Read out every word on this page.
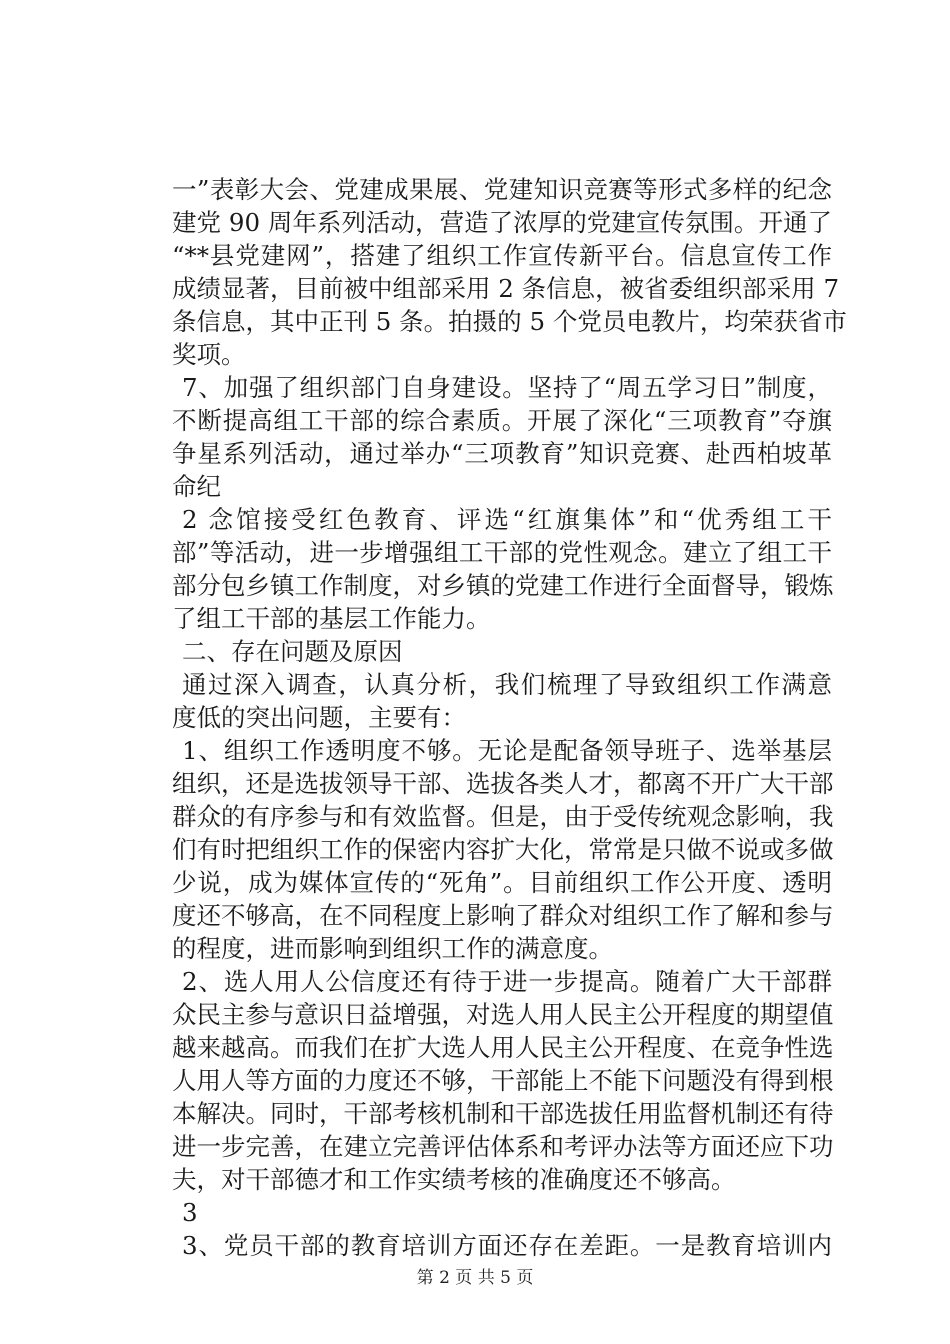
一”表彰大会、党建成果展、党建知识竞赛等形式多样的纪念
建党 90 周年系列活动，营造了浓厚的党建宣传氛围。开通了
“**县党建网”，搭建了组织工作宣传新平台。信息宣传工作
成绩显著，目前被中组部采用 2 条信息，被省委组织部采用 7
条信息，其中正刊 5 条。拍摄的 5 个党员电教片，均荣获省市
奖项。
7、加强了组织部门自身建设。坚持了“周五学习日”制度，
不断提高组工干部的综合素质。开展了深化“三项教育”夺旗
争星系列活动，通过举办“三项教育”知识竞赛、赴西柏坡革
命纪
2 念馆接受红色教育、评选“红旗集体”和“优秀组工干
部”等活动，进一步增强组工干部的党性观念。建立了组工干
部分包乡镇工作制度，对乡镇的党建工作进行全面督导，锻炼
了组工干部的基层工作能力。
二、存在问题及原因
通过深入调查，认真分析，我们梳理了导致组织工作满意
度低的突出问题，主要有：
1、组织工作透明度不够。无论是配备领导班子、选举基层
组织，还是选拔领导干部、选拔各类人才，都离不开广大干部
群众的有序参与和有效监督。但是，由于受传统观念影响，我
们有时把组织工作的保密内容扩大化，常常是只做不说或多做
少说，成为媒体宣传的“死角”。目前组织工作公开度、透明
度还不够高，在不同程度上影响了群众对组织工作了解和参与
的程度，进而影响到组织工作的满意度。
2、选人用人公信度还有待于进一步提高。随着广大干部群
众民主参与意识日益增强，对选人用人民主公开程度的期望值
越来越高。而我们在扩大选人用人民主公开程度、在竞争性选
人用人等方面的力度还不够，干部能上不能下问题没有得到根
本解决。同时，干部考核机制和干部选拔任用监督机制还有待
进一步完善，在建立完善评估体系和考评办法等方面还应下功
夫，对干部德才和工作实绩考核的准确度还不够高。
3
3、党员干部的教育培训方面还存在差距。一是教育培训内
第 2 页 共 5 页
